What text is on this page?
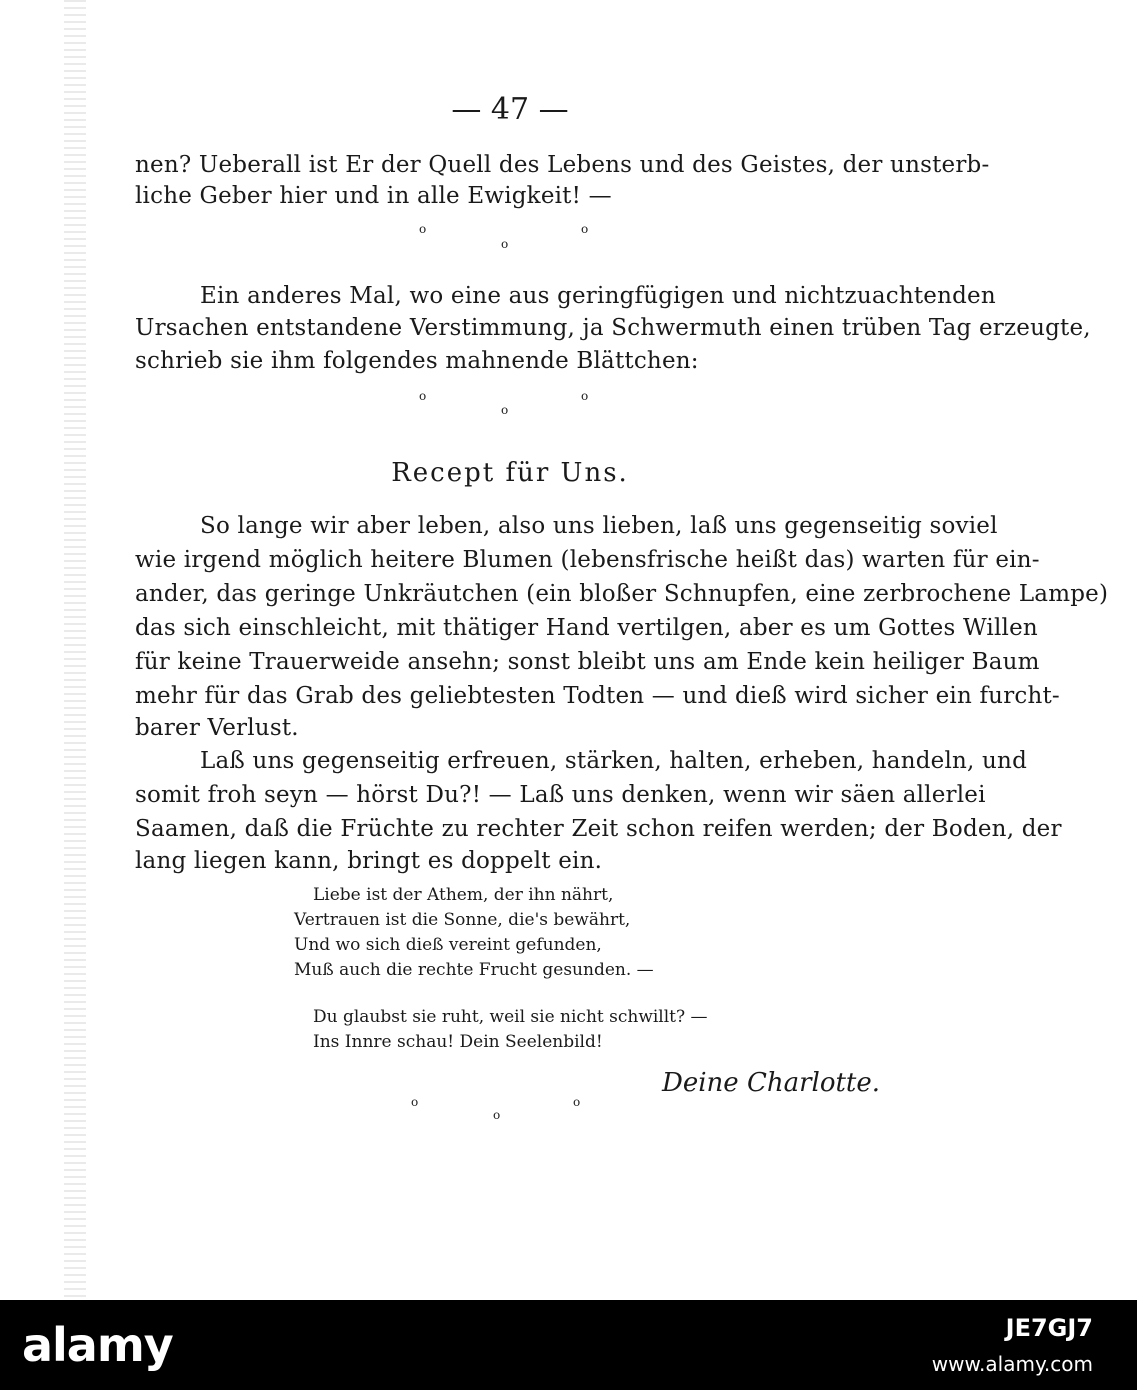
— 47 —
nen? Ueberall ist Er der Quell des Lebens und des Geistes, der unsterb-
liche Geber hier und in alle Ewigkeit! —
o	o
o
Ein anderes Mal, wo eine aus geringfügigen und nichtzuachtenden
Ursachen entstandene Verstimmung, ja Schwermuth einen trüben Tag erzeugte,
schrieb sie ihm folgendes mahnende Blättchen:
o	o
o
Recept für Uns.
So lange wir aber leben, also uns lieben, laß uns gegenseitig soviel
wie irgend möglich heitere Blumen (lebensfrische heißt das) warten für ein-
ander, das geringe Unkräutchen (ein bloßer Schnupfen, eine zerbrochene Lampe)
das sich einschleicht, mit thätiger Hand vertilgen, aber es um Gottes Willen
für keine Trauerweide ansehn; sonst bleibt uns am Ende kein heiliger Baum
mehr für das Grab des geliebtesten Todten — und dieß wird sicher ein furcht-
barer Verlust.
Laß uns gegenseitig erfreuen, stärken, halten, erheben, handeln, und
somit froh seyn — hörst Du?! — Laß uns denken, wenn wir säen allerlei
Saamen, daß die Früchte zu rechter Zeit schon reifen werden; der Boden, der
lang liegen kann, bringt es doppelt ein.
Liebe ist der Athem, der ihn nährt,
Vertrauen ist die Sonne, die's bewährt,
Und wo sich dieß vereint gefunden,
Muß auch die rechte Frucht gesunden. —
Du glaubst sie ruht, weil sie nicht schwillt? —
Ins Innre schau! Dein Seelenbild!
Deine Charlotte.
o	o
o
alamy	JE7GJ7
www.alamy.com
